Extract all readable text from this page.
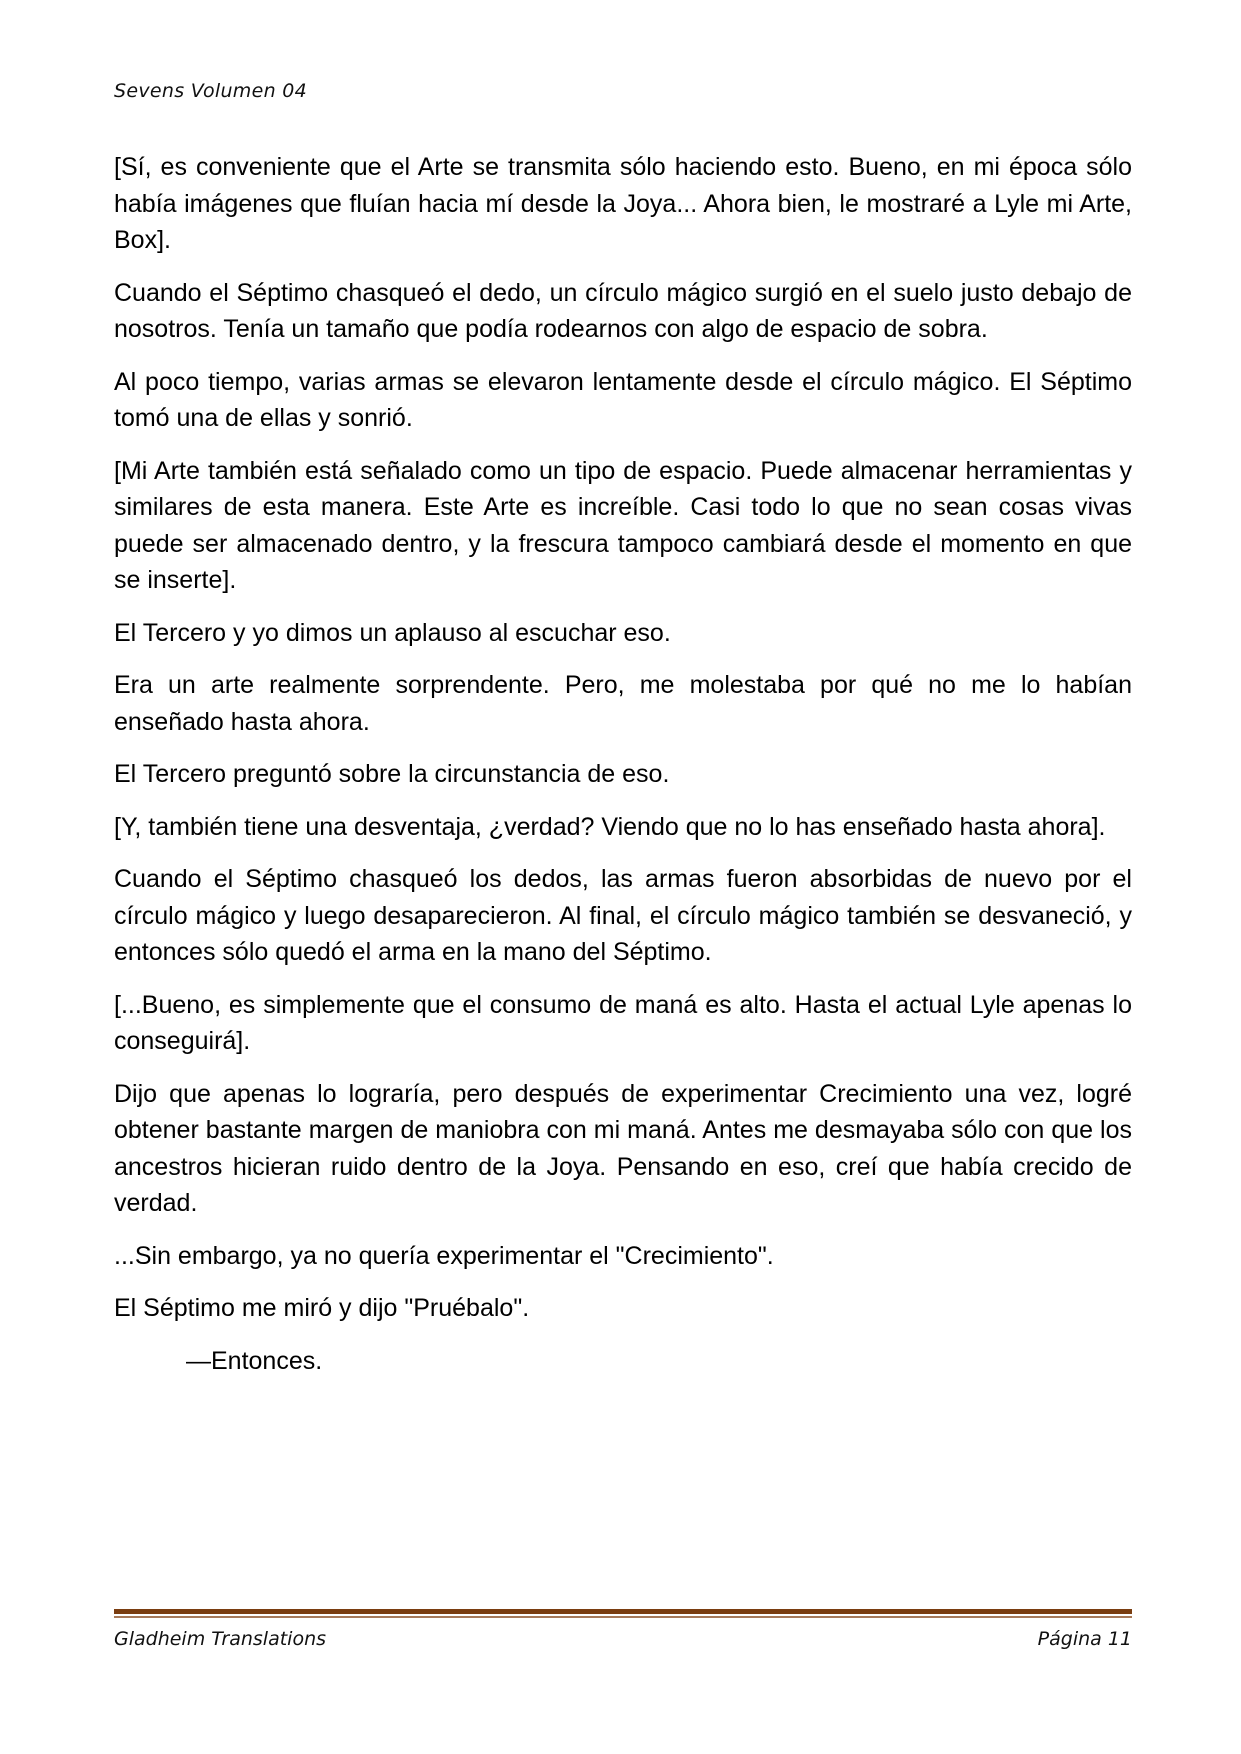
Sevens Volumen 04

[Sí, es conveniente que el Arte se transmita sólo haciendo esto. Bueno, en mi época sólo había imágenes que fluían hacia mí desde la Joya... Ahora bien, le mostraré a Lyle mi Arte, Box].

Cuando el Séptimo chasqueó el dedo, un círculo mágico surgió en el suelo justo debajo de nosotros. Tenía un tamaño que podía rodearnos con algo de espacio de sobra.

Al poco tiempo, varias armas se elevaron lentamente desde el círculo mágico. El Séptimo tomó una de ellas y sonrió.

[Mi Arte también está señalado como un tipo de espacio. Puede almacenar herramientas y similares de esta manera. Este Arte es increíble. Casi todo lo que no sean cosas vivas puede ser almacenado dentro, y la frescura tampoco cambiará desde el momento en que se inserte].

El Tercero y yo dimos un aplauso al escuchar eso.

Era un arte realmente sorprendente. Pero, me molestaba por qué no me lo habían enseñado hasta ahora.

El Tercero preguntó sobre la circunstancia de eso.

[Y, también tiene una desventaja, ¿verdad? Viendo que no lo has enseñado hasta ahora].

Cuando el Séptimo chasqueó los dedos, las armas fueron absorbidas de nuevo por el círculo mágico y luego desaparecieron. Al final, el círculo mágico también se desvaneció, y entonces sólo quedó el arma en la mano del Séptimo.

[...Bueno, es simplemente que el consumo de maná es alto. Hasta el actual Lyle apenas lo conseguirá].

Dijo que apenas lo lograría, pero después de experimentar Crecimiento una vez, logré obtener bastante margen de maniobra con mi maná. Antes me desmayaba sólo con que los ancestros hicieran ruido dentro de la Joya. Pensando en eso, creí que había crecido de verdad.

...Sin embargo, ya no quería experimentar el "Crecimiento".

El Séptimo me miró y dijo "Pruébalo".

—Entonces.

Gladheim Translations	Página 11
